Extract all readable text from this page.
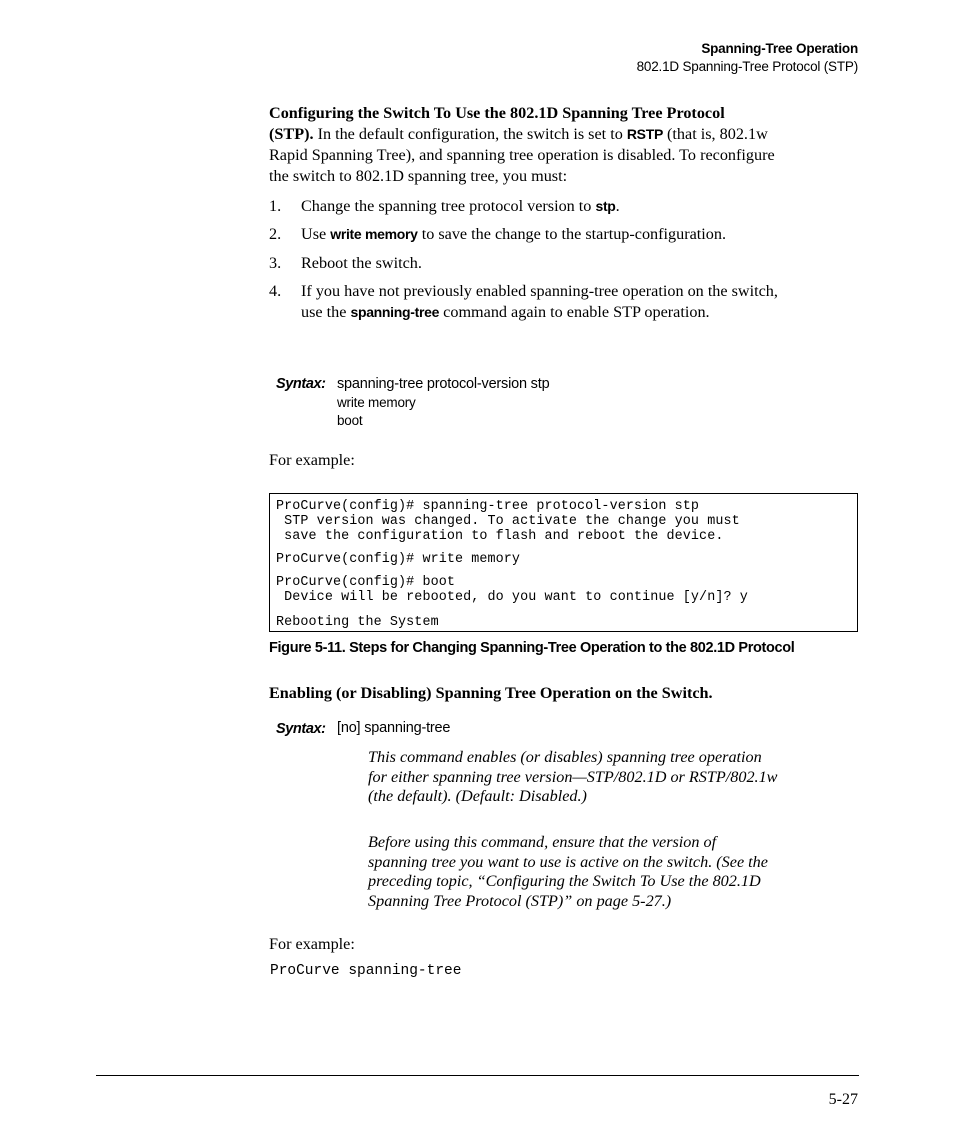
Spanning-Tree Operation
802.1D Spanning-Tree Protocol (STP)
Configuring the Switch To Use the 802.1D Spanning Tree Protocol
(STP). In the default configuration, the switch is set to RSTP (that is, 802.1w
Rapid Spanning Tree), and spanning tree operation is disabled. To reconfigure
the switch to 802.1D spanning tree, you must:
1. Change the spanning tree protocol version to stp.
2. Use write memory to save the change to the startup-configuration.
3. Reboot the switch.
4. If you have not previously enabled spanning-tree operation on the switch,
use the spanning-tree command again to enable STP operation.
Syntax: spanning-tree protocol-version stp
write memory
boot
For example:
ProCurve(config)# spanning-tree protocol-version stp
STP version was changed. To activate the change you must
save the configuration to flash and reboot the device.
ProCurve(config)# write memory
ProCurve(config)# boot
Device will be rebooted, do you want to continue [y/n]? y
Rebooting the System
Figure 5-11. Steps for Changing Spanning-Tree Operation to the 802.1D Protocol
Enabling (or Disabling) Spanning Tree Operation on the Switch.
Syntax: [no] spanning-tree
This command enables (or disables) spanning tree operation
for either spanning tree version—STP/802.1D or RSTP/802.1w
(the default). (Default: Disabled.)
Before using this command, ensure that the version of
spanning tree you want to use is active on the switch. (See the
preceding topic, “Configuring the Switch To Use the 802.1D
Spanning Tree Protocol (STP)” on page 5-27.)
For example:
ProCurve spanning-tree
5-27
